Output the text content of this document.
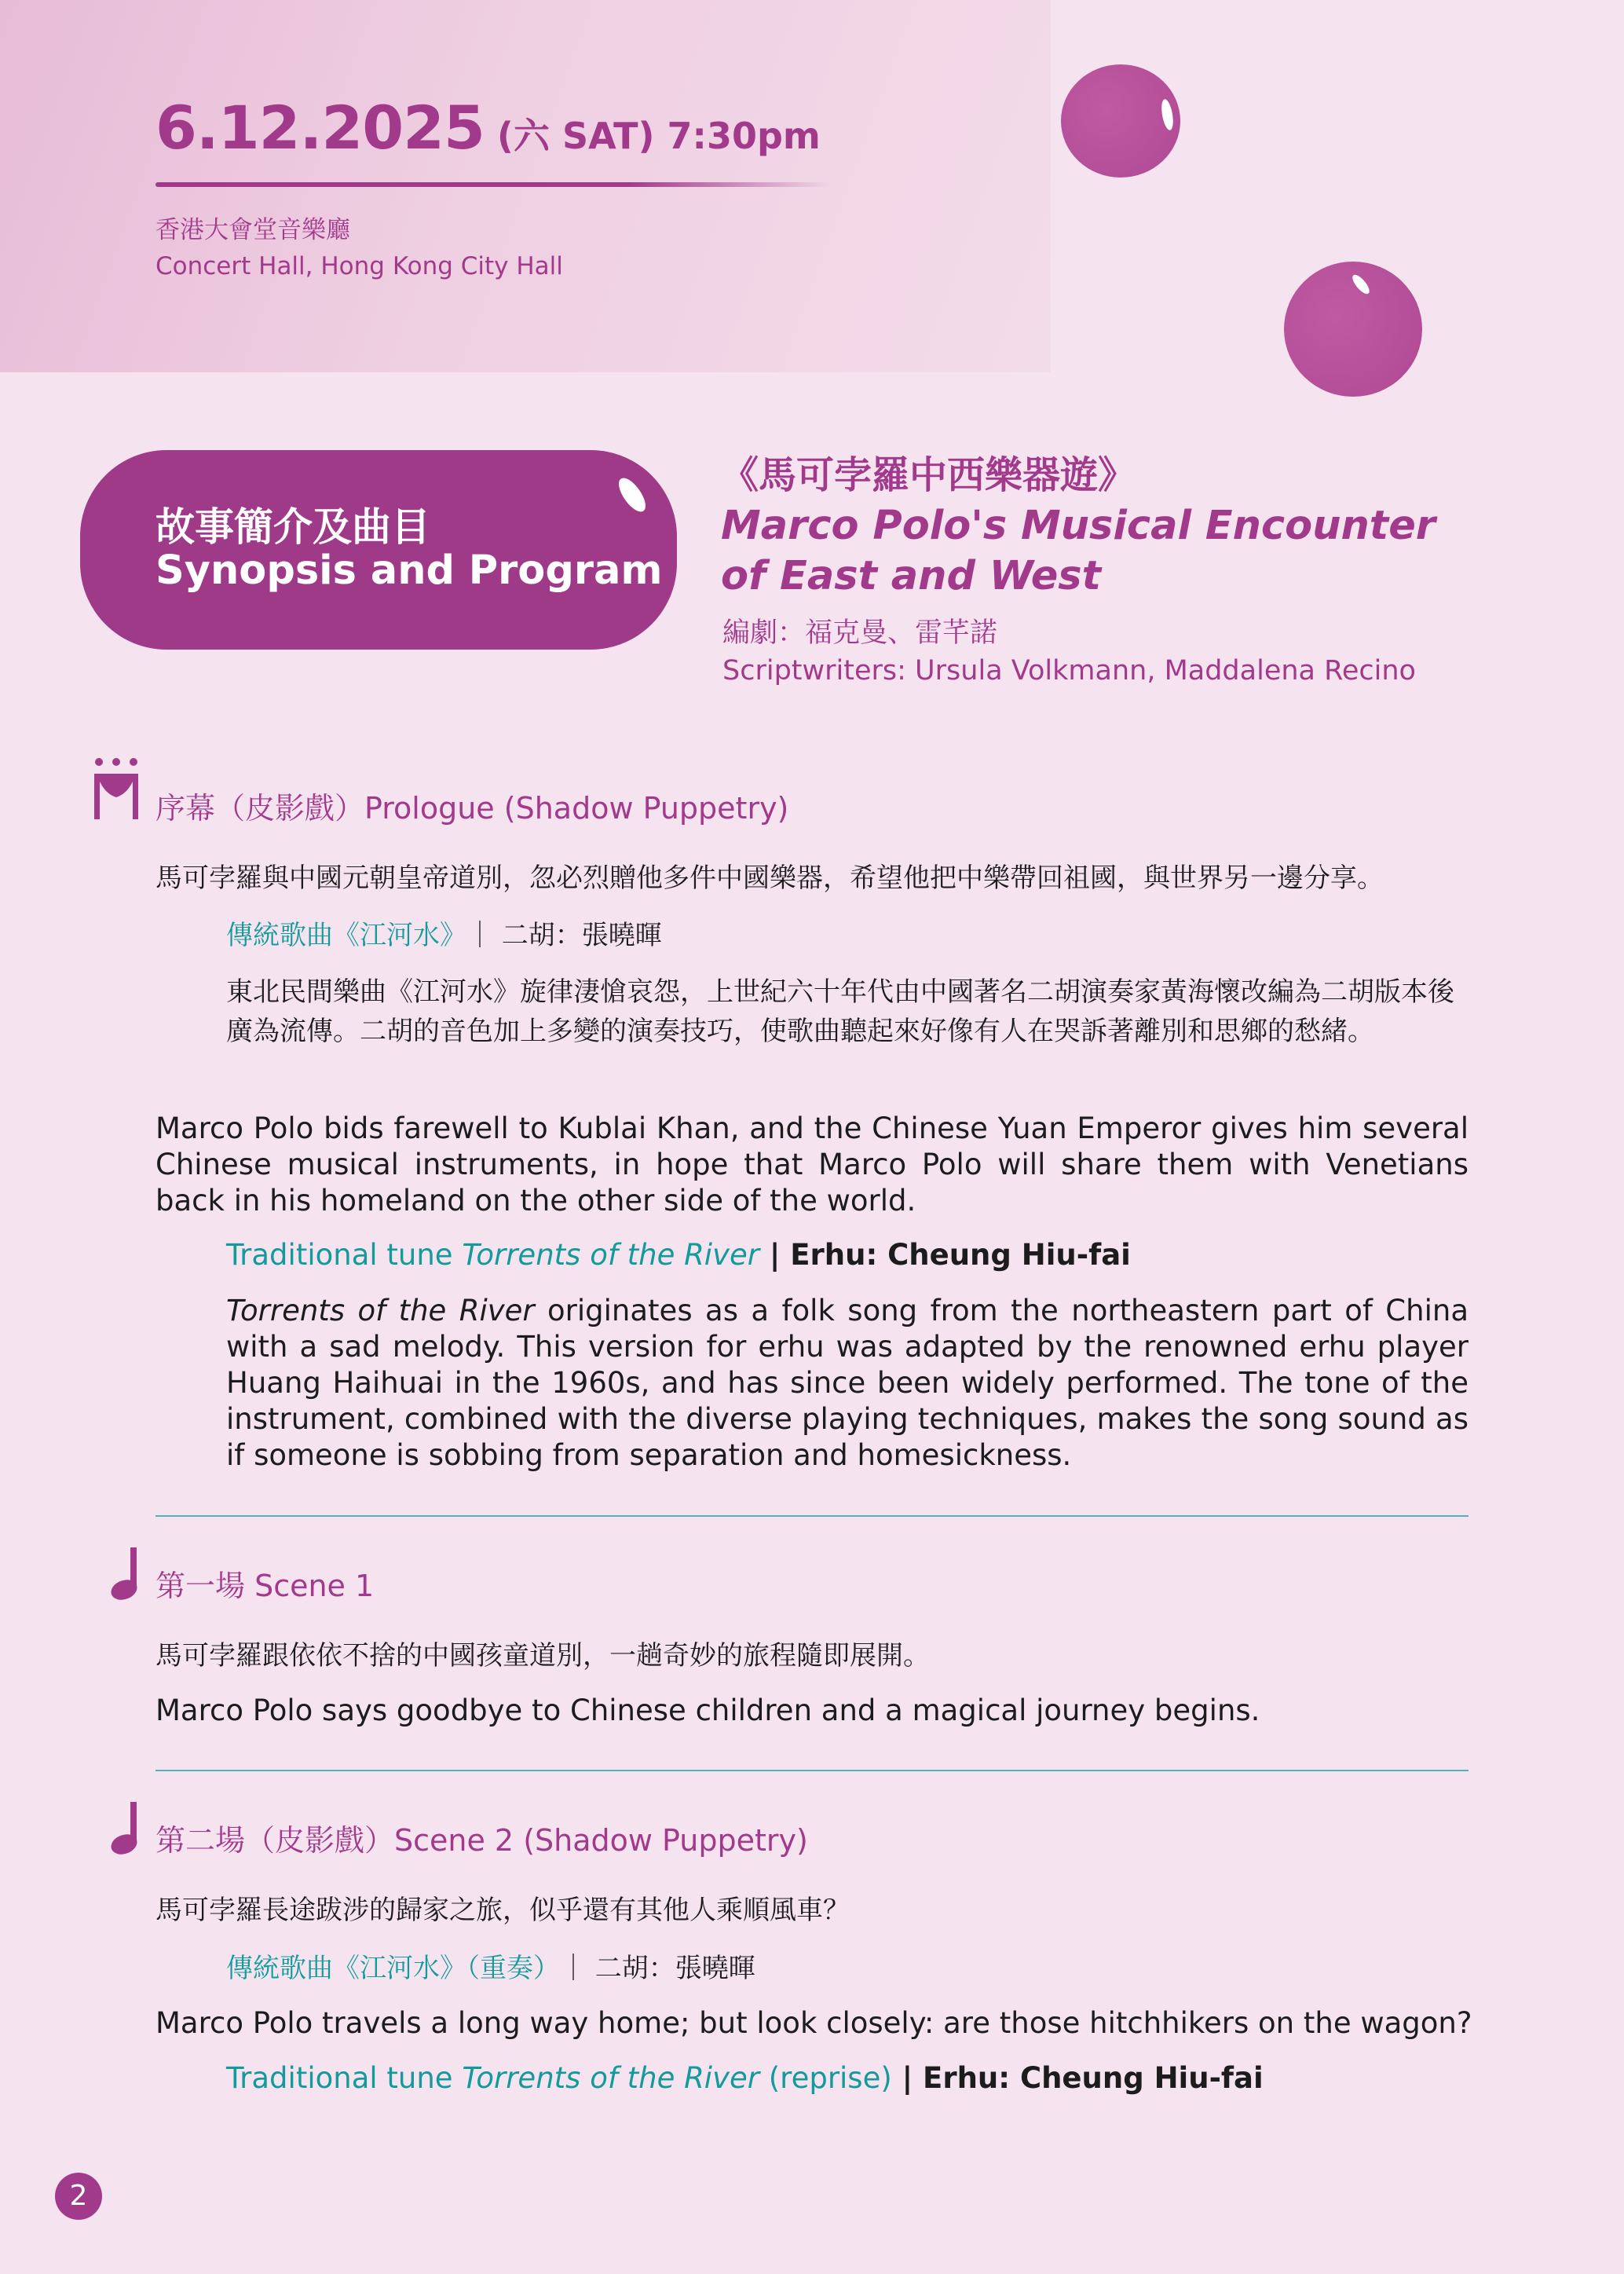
6.12.2025 (六 SAT) 7:30pm
香港大會堂音樂廳
Concert Hall, Hong Kong City Hall
故事簡介及曲目
Synopsis and Program
《馬可孛羅中西樂器遊》
Marco Polo's Musical Encounter
of East and West
編劇：福克曼、雷芊諾
Scriptwriters: Ursula Volkmann, Maddalena Recino
序幕（皮影戲）Prologue (Shadow Puppetry)
馬可孛羅與中國元朝皇帝道別，忽必烈贈他多件中國樂器，希望他把中樂帶回祖國，與世界另一邊分享。
傳統歌曲《江河水》｜ 二胡：張曉暉
東北民間樂曲《江河水》旋律淒愴哀怨，上世紀六十年代由中國著名二胡演奏家黃海懷改編為二胡版本後廣為流傳。二胡的音色加上多變的演奏技巧，使歌曲聽起來好像有人在哭訴著離別和思鄉的愁緒。
Marco Polo bids farewell to Kublai Khan, and the Chinese Yuan Emperor gives him several Chinese musical instruments, in hope that Marco Polo will share them with Venetians back in his homeland on the other side of the world.
Traditional tune Torrents of the River | Erhu: Cheung Hiu-fai
Torrents of the River originates as a folk song from the northeastern part of China with a sad melody. This version for erhu was adapted by the renowned erhu player Huang Haihuai in the 1960s, and has since been widely performed. The tone of the instrument, combined with the diverse playing techniques, makes the song sound as if someone is sobbing from separation and homesickness.
第一場 Scene 1
馬可孛羅跟依依不捨的中國孩童道別，一趟奇妙的旅程隨即展開。
Marco Polo says goodbye to Chinese children and a magical journey begins.
第二場（皮影戲）Scene 2 (Shadow Puppetry)
馬可孛羅長途跋涉的歸家之旅，似乎還有其他人乘順風車？
傳統歌曲《江河水》（重奏）｜ 二胡：張曉暉
Marco Polo travels a long way home; but look closely: are those hitchhikers on the wagon?
Traditional tune Torrents of the River (reprise) | Erhu: Cheung Hiu-fai
2
